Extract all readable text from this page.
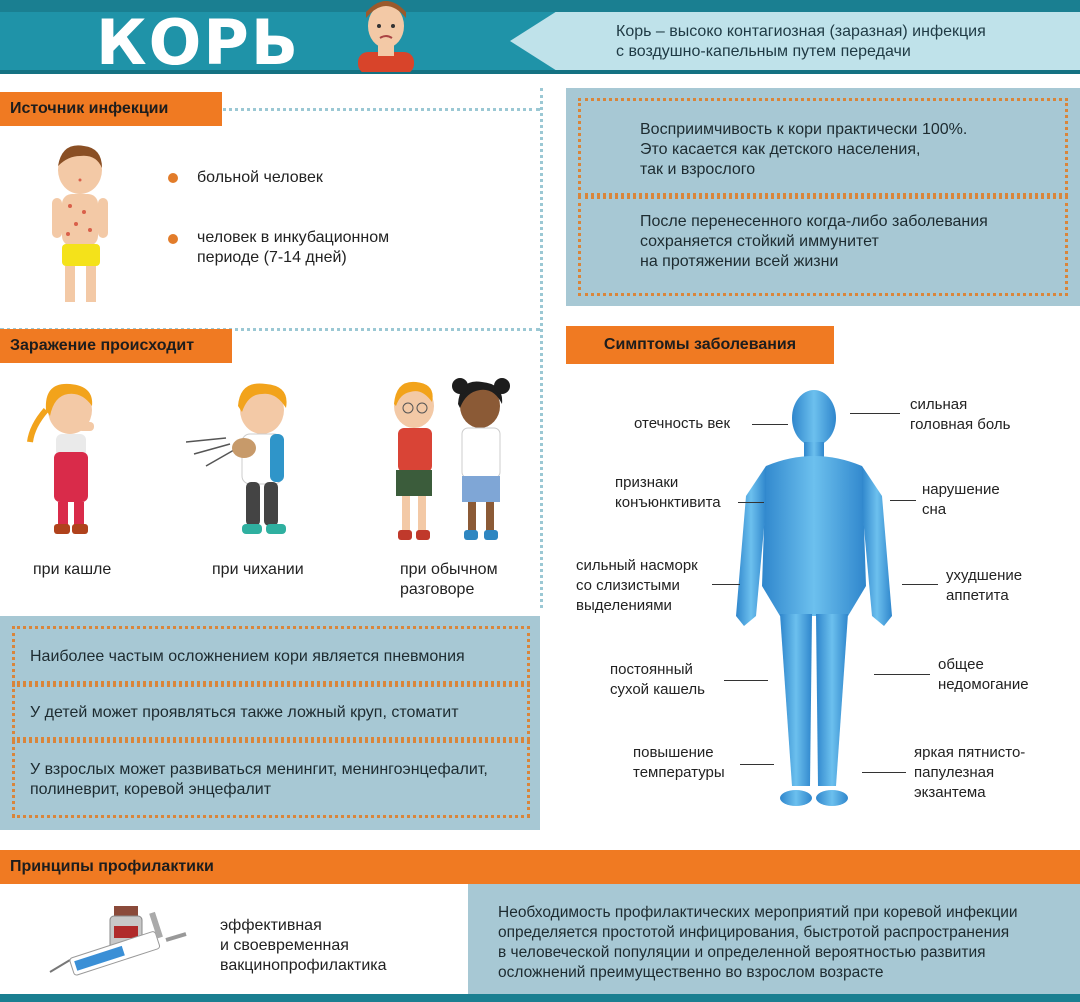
КОРЬ	Корь – высоко контагиозная (заразная) инфекция
с воздушно-капельным путем передачи
Источник инфекции
больной человек
человек в инкубационном
периоде (7-14 дней)
Восприимчивость к кори практически 100%.
Это касается как детского населения,
так и взрослого
После перенесенного когда-либо заболевания
сохраняется стойкий иммунитет
на протяжении всей жизни
Заражение происходит
при кашле	при чихании	при обычном
разговоре
Наиболее частым осложнением кори является пневмония
У детей может проявляться также ложный круп, стоматит
У взрослых может развиваться менингит, менингоэнцефалит,
полиневрит, коревой энцефалит
Симптомы заболевания
отечность век
признаки
конъюнктивита
сильный насморк
со слизистыми
выделениями
постоянный
сухой кашель
повышение
температуры
сильная
головная боль
нарушение
сна
ухудшение
аппетита
общее
недомогание
яркая пятнисто-
папулезная
экзантема
Принципы профилактики
эффективная
и своевременная
вакцинопрофилактика
Необходимость профилактических мероприятий при коревой инфекции
определяется простотой инфицирования, быстротой распространения
в человеческой популяции и определенной вероятностью развития
осложнений преимущественно во взрослом возрасте
